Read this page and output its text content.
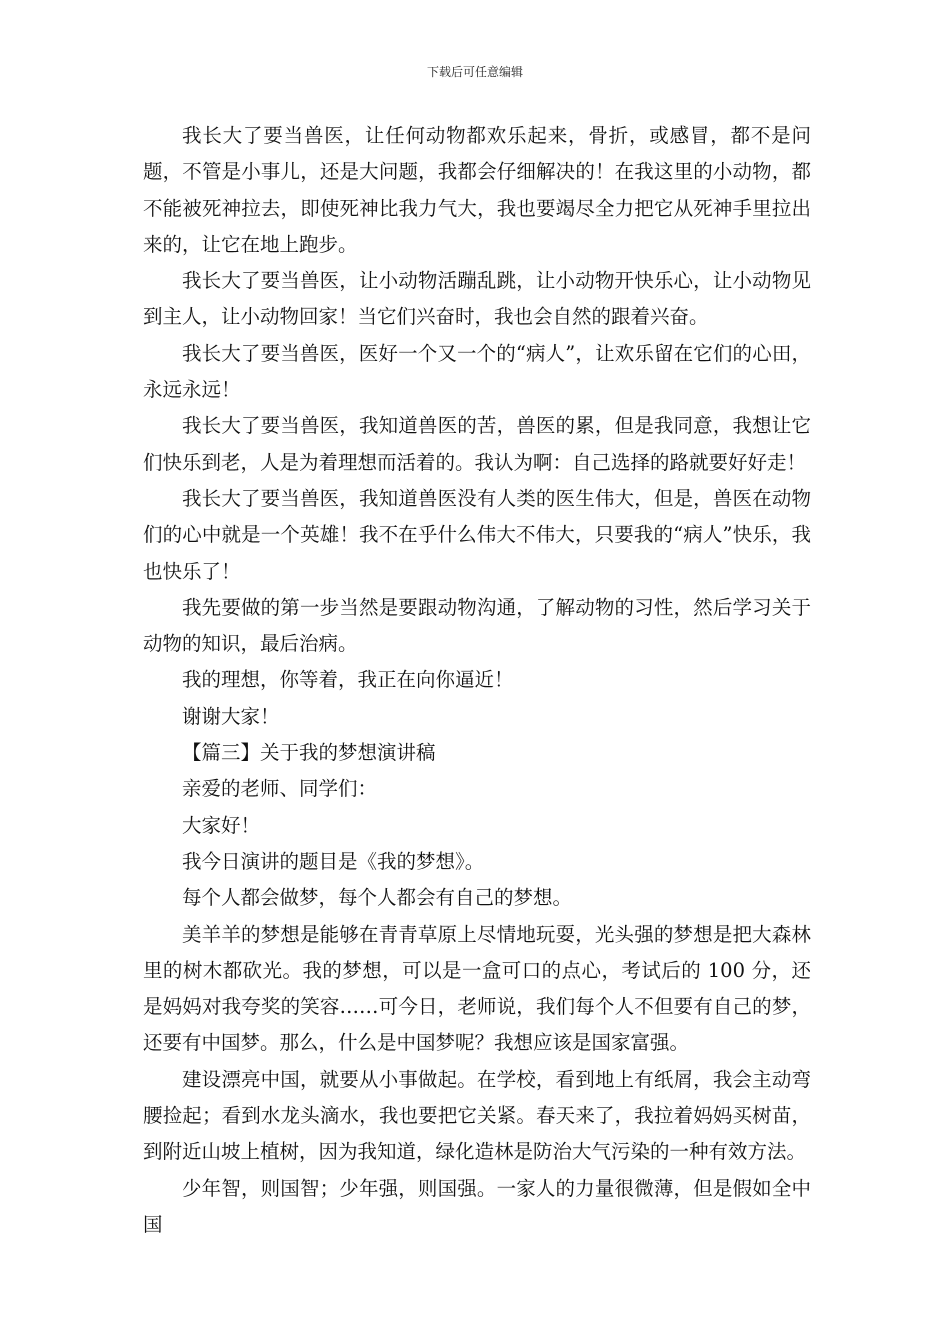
下载后可任意编辑

我长大了要当兽医，让任何动物都欢乐起来，骨折，或感冒，都不是问题，不管是小事儿，还是大问题，我都会仔细解决的！在我这里的小动物，都不能被死神拉去，即使死神比我力气大，我也要竭尽全力把它从死神手里拉出来的，让它在地上跑步。

我长大了要当兽医，让小动物活蹦乱跳，让小动物开快乐心，让小动物见到主人，让小动物回家！当它们兴奋时，我也会自然的跟着兴奋。

我长大了要当兽医，医好一个又一个的“病人”，让欢乐留在它们的心田，永远永远！

我长大了要当兽医，我知道兽医的苦，兽医的累，但是我同意，我想让它们快乐到老，人是为着理想而活着的。我认为啊：自己选择的路就要好好走！

我长大了要当兽医，我知道兽医没有人类的医生伟大，但是，兽医在动物们的心中就是一个英雄！我不在乎什么伟大不伟大，只要我的“病人”快乐，我也快乐了！

我先要做的第一步当然是要跟动物沟通，了解动物的习性，然后学习关于动物的知识，最后治病。

我的理想，你等着，我正在向你逼近！

谢谢大家！

【篇三】关于我的梦想演讲稿

亲爱的老师、同学们：

大家好！

我今日演讲的题目是《我的梦想》。

每个人都会做梦，每个人都会有自己的梦想。

美羊羊的梦想是能够在青青草原上尽情地玩耍，光头强的梦想是把大森林里的树木都砍光。我的梦想，可以是一盒可口的点心，考试后的 100 分，还是妈妈对我夸奖的笑容……可今日，老师说，我们每个人不但要有自己的梦，还要有中国梦。那么，什么是中国梦呢？我想应该是国家富强。

建设漂亮中国，就要从小事做起。在学校，看到地上有纸屑，我会主动弯腰捡起；看到水龙头滴水，我也要把它关紧。春天来了，我拉着妈妈买树苗，到附近山坡上植树，因为我知道，绿化造林是防治大气污染的一种有效方法。

少年智，则国智；少年强，则国强。一家人的力量很微薄，但是假如全中国
